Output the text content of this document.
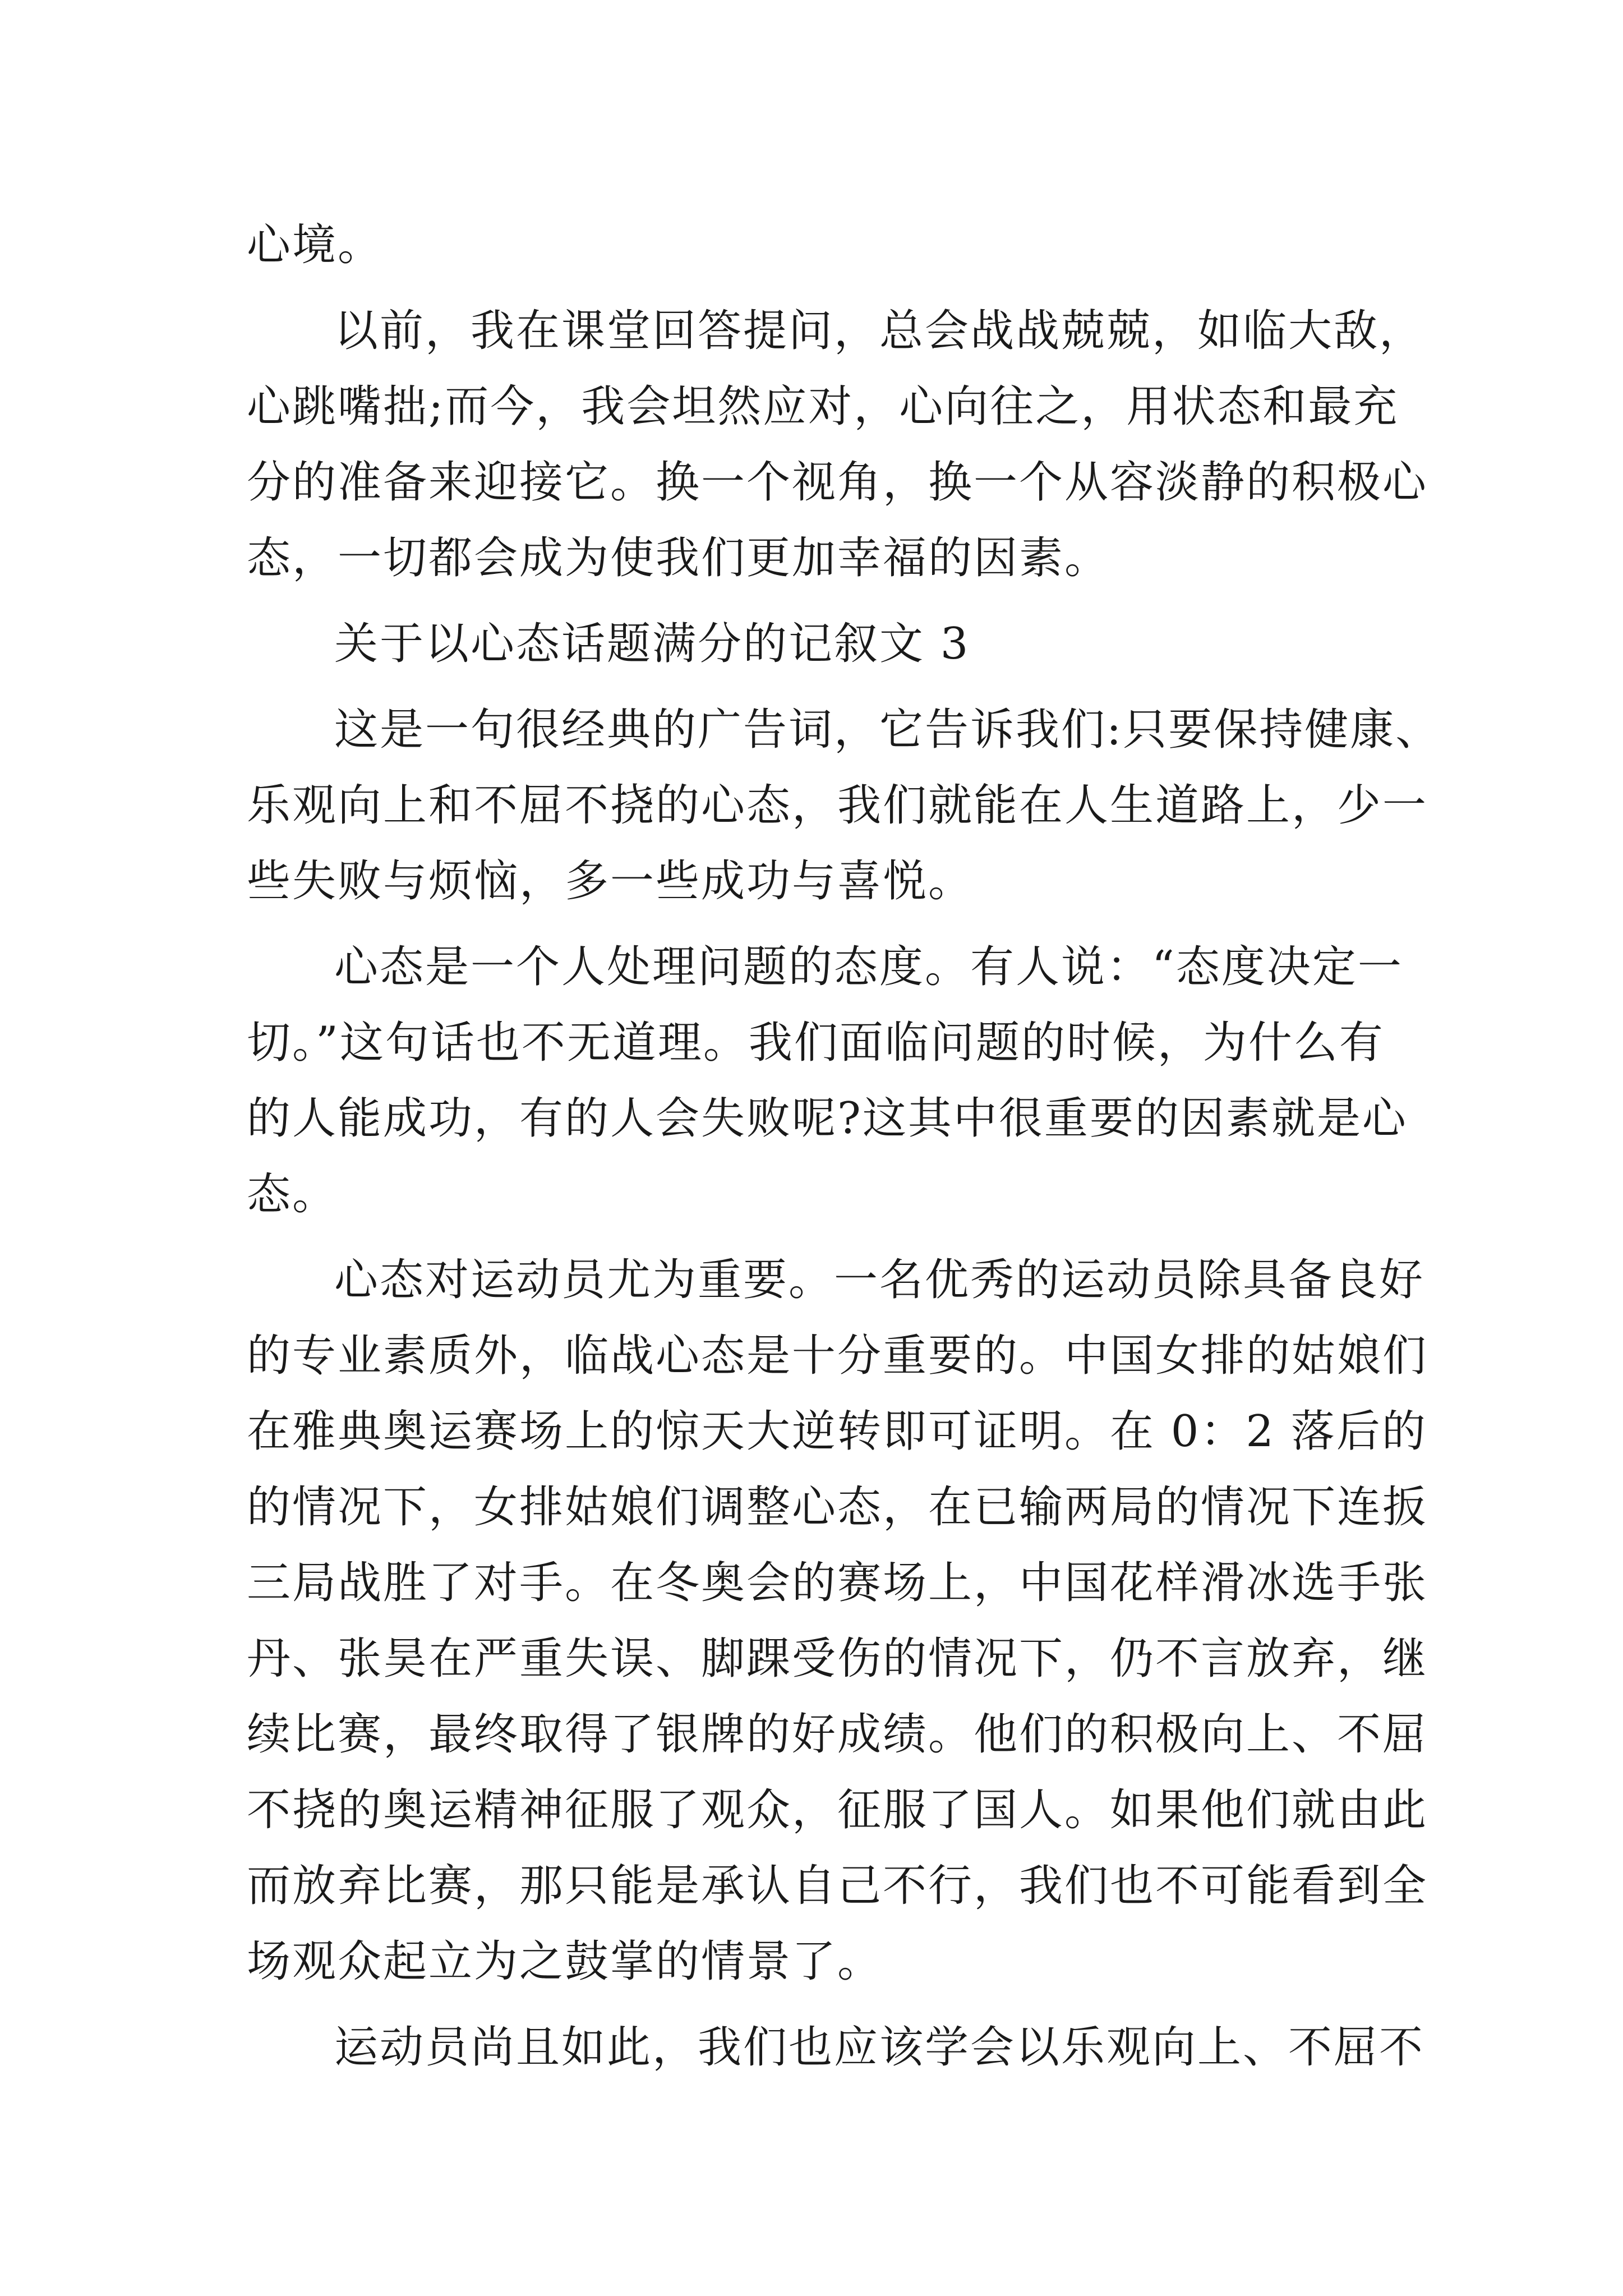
心境。
以前，我在课堂回答提问，总会战战兢兢，如临大敌，
心跳嘴拙;而今，我会坦然应对，心向往之，用状态和最充
分的准备来迎接它。换一个视角，换一个从容淡静的积极心
态，一切都会成为使我们更加幸福的因素。
关于以心态话题满分的记叙文 3
这是一句很经典的广告词，它告诉我们:只要保持健康、
乐观向上和不屈不挠的心态，我们就能在人生道路上，少一
些失败与烦恼，多一些成功与喜悦。
心态是一个人处理问题的态度。有人说：“态度决定一
切。”这句话也不无道理。我们面临问题的时候，为什么有
的人能成功，有的人会失败呢?这其中很重要的因素就是心
态。
心态对运动员尤为重要。一名优秀的运动员除具备良好
的专业素质外，临战心态是十分重要的。中国女排的姑娘们
在雅典奥运赛场上的惊天大逆转即可证明。在 0：2 落后的
的情况下，女排姑娘们调整心态，在已输两局的情况下连扳
三局战胜了对手。在冬奥会的赛场上，中国花样滑冰选手张
丹、张昊在严重失误、脚踝受伤的情况下，仍不言放弃，继
续比赛，最终取得了银牌的好成绩。他们的积极向上、不屈
不挠的奥运精神征服了观众，征服了国人。如果他们就由此
而放弃比赛，那只能是承认自己不行，我们也不可能看到全
场观众起立为之鼓掌的情景了。
运动员尚且如此，我们也应该学会以乐观向上、不屈不
